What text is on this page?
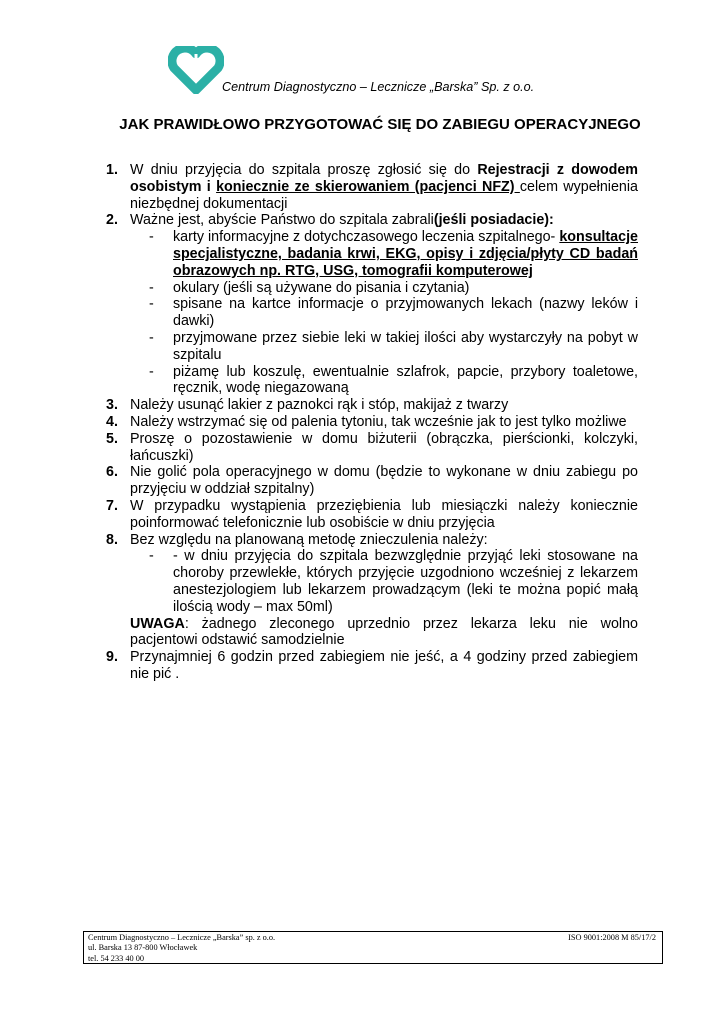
Centrum Diagnostyczno – Lecznicze „Barska” Sp. z o.o.
JAK PRAWIDŁOWO PRZYGOTOWAĆ SIĘ DO ZABIEGU OPERACYJNEGO
1. W dniu przyjęcia do szpitala proszę zgłosić się do Rejestracji z dowodem osobistym i koniecznie ze skierowaniem (pacjenci NFZ) celem wypełnienia niezbędnej dokumentacji
2. Ważne jest, abyście Państwo do szpitala zabrali(jeśli posiadacie):
- karty informacyjne z dotychczasowego leczenia szpitalnego- konsultacje specjalistyczne, badania krwi, EKG, opisy i zdjęcia/płyty CD badań obrazowych np. RTG, USG, tomografii komputerowej
- okulary (jeśli są używane do pisania i czytania)
- spisane na kartce informacje o przyjmowanych lekach (nazwy leków i dawki)
- przyjmowane przez siebie leki w takiej ilości aby wystarczyły na pobyt w szpitalu
- piżamę lub koszulę, ewentualnie szlafrok, papcie, przybory toaletowe, ręcznik, wodę niegazowaną
3. Należy usunąć lakier z paznokci rąk i stóp, makijaż z twarzy
4. Należy wstrzymać się od palenia tytoniu, tak wcześnie jak to jest tylko możliwe
5. Proszę o pozostawienie w domu biżuterii (obrączka, pierścionki, kolczyki, łańcuszki)
6. Nie golić pola operacyjnego w domu (będzie to wykonane w dniu zabiegu po przyjęciu w oddział szpitalny)
7. W przypadku wystąpienia przeziębienia lub miesiączki należy koniecznie poinformować telefonicznie lub osobiście w dniu przyjęcia
8. Bez względu na planowaną metodę znieczulenia należy:
- - w dniu przyjęcia do szpitala bezwzględnie przyjąć leki stosowane na choroby przewlekłe, których przyjęcie uzgodniono wcześniej z lekarzem anestezjologiem lub lekarzem prowadzącym (leki te można popić małą ilością wody – max 50ml)
UWAGA: żadnego zleconego uprzednio przez lekarza leku nie wolno pacjentowi odstawić samodzielnie
9. Przynajmniej 6 godzin przed zabiegiem nie jeść, a 4 godziny przed zabiegiem nie pić .
Centrum Diagnostyczno – Lecznicze „Barska” sp. z o.o.
ul. Barska 13 87-800 Włocławek
tel. 54 233 40 00
ISO 9001:2008 M 85/17/2
